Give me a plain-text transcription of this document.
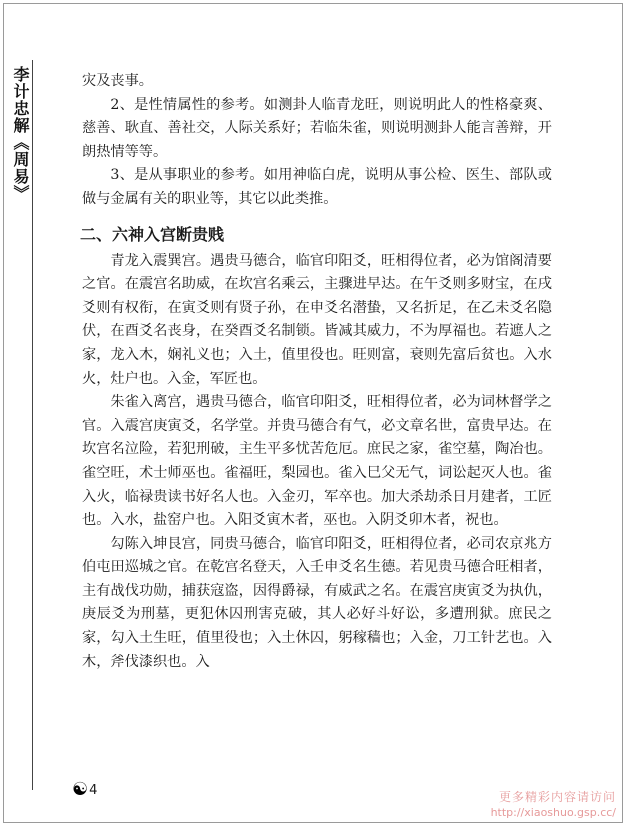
李计忠解《周易》	灾及丧事。

2、是性情属性的参考。如测卦人临青龙旺，则说明此人的性格豪爽、慈善、耿直、善社交，人际关系好；若临朱雀，则说明测卦人能言善辩，开朗热情等等。

3、是从事职业的参考。如用神临白虎，说明从事公检、医生、部队或做与金属有关的职业等，其它以此类推。

二、六神入宫断贵贱

青龙入震巽宫。遇贵马德合，临官印阳爻，旺相得位者，必为馆阁清要之官。在震宫名助威，在坎宫名乘云，主骤进早达。在午爻则多财宝，在戌爻则有权衔，在寅爻则有贤子孙，在申爻名潜蛰，又名折足，在乙未爻名隐伏，在酉爻名丧身，在癸酉爻名制锁。皆减其威力，不为厚福也。若遮人之家，龙入木，娴礼义也；入土，值里役也。旺则富，衰则先富后贫也。入水火，灶户也。入金，军匠也。

朱雀入离宫，遇贵马德合，临官印阳爻，旺相得位者，必为词林督学之官。入震宫庚寅爻，名学堂。并贵马德合有气，必文章名世，富贵早达。在坎宫名泣险，若犯刑破，主生平多忧苦危厄。庶民之家，雀空墓，陶冶也。雀空旺，术士师巫也。雀福旺，梨园也。雀入巳父无气，词讼起灭人也。雀入火，临禄贵读书好名人也。入金刃，军卒也。加大杀劫杀日月建者，工匠也。入水，盐窑户也。入阳爻寅木者，巫也。入阴爻卯木者，祝也。

勾陈入坤艮宫，同贵马德合，临官印阳爻，旺相得位者，必司农京兆方伯屯田巡城之官。在乾宫名登天，入壬申爻名生德。若见贵马德合旺相者，主有战伐功勋，捕获寇盗，因得爵禄，有威武之名。在震宫庚寅爻为执仇，庚辰爻为刑墓，更犯休囚刑害克破，其人必好斗好讼，多遭刑狱。庶民之家，勾入土生旺，值里役也；入土休囚，躬稼穑也；入金，刀工针艺也。入木，斧伐漆织也。入

☯ 4	更多精彩内容请访问
http://xiaoshuo.gsp.cc/
